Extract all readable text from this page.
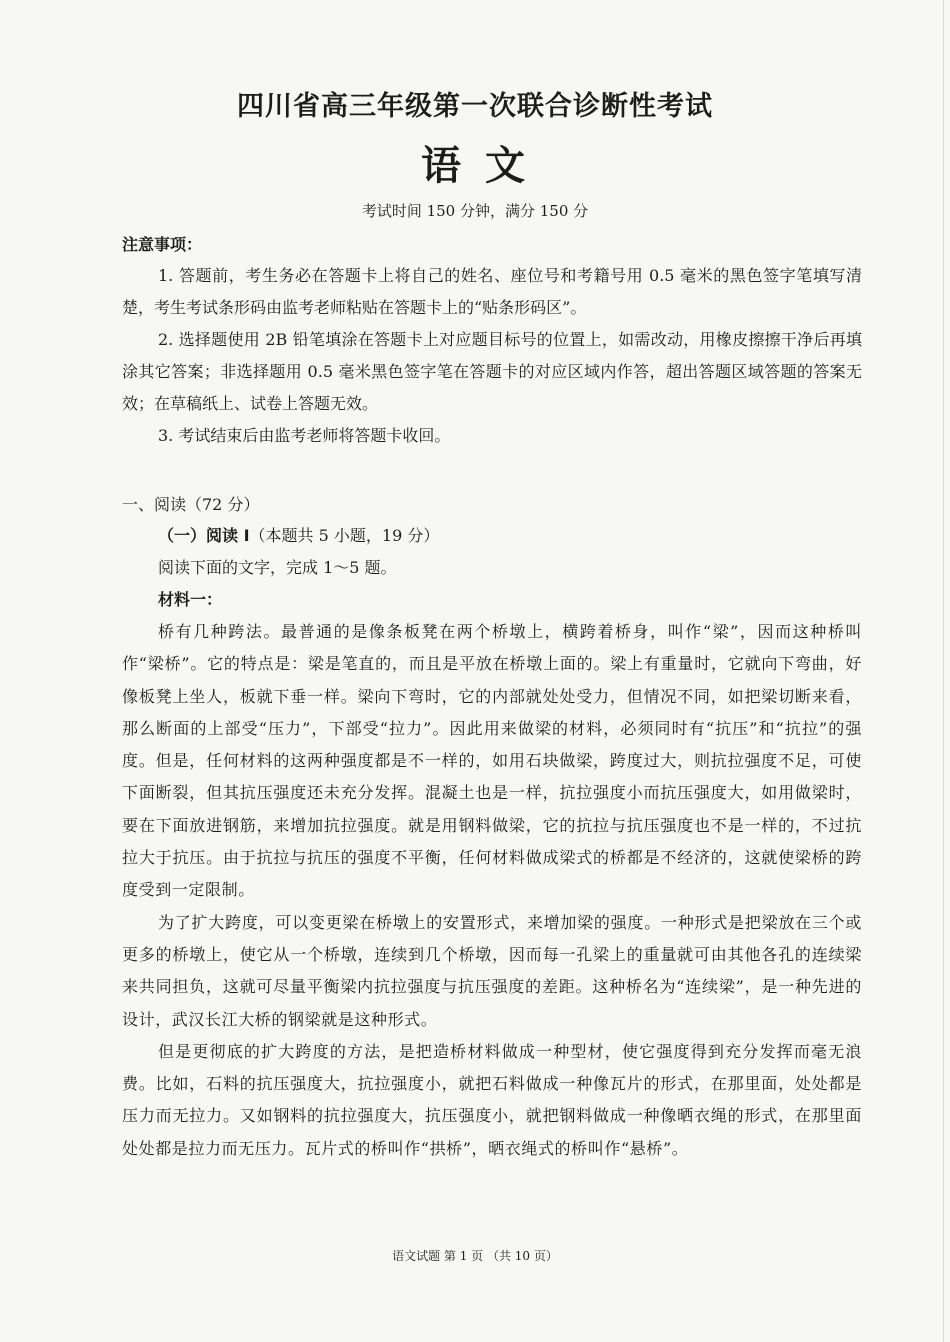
四川省高三年级第一次联合诊断性考试
语文

考试时间 150 分钟，满分 150 分

注意事项：

1. 答题前，考生务必在答题卡上将自己的姓名、座位号和考籍号用 0.5 毫米的黑色签字笔填写清楚，考生考试条形码由监考老师粘贴在答题卡上的“贴条形码区”。

2. 选择题使用 2B 铅笔填涂在答题卡上对应题目标号的位置上，如需改动，用橡皮擦擦干净后再填涂其它答案；非选择题用 0.5 毫米黑色签字笔在答题卡的对应区域内作答，超出答题区域答题的答案无效；在草稿纸上、试卷上答题无效。

3. 考试结束后由监考老师将答题卡收回。

一、阅读（72 分）

（一）阅读 I（本题共 5 小题，19 分）

阅读下面的文字，完成 1～5 题。

材料一：

桥有几种跨法。最普通的是像条板凳在两个桥墩上，横跨着桥身，叫作“梁”，因而这种桥叫作“梁桥”。它的特点是：梁是笔直的，而且是平放在桥墩上面的。梁上有重量时，它就向下弯曲，好像板凳上坐人，板就下垂一样。梁向下弯时，它的内部就处处受力，但情况不同，如把梁切断来看，那么断面的上部受“压力”，下部受“拉力”。因此用来做梁的材料，必须同时有“抗压”和“抗拉”的强度。但是，任何材料的这两种强度都是不一样的，如用石块做梁，跨度过大，则抗拉强度不足，可使下面断裂，但其抗压强度还未充分发挥。混凝土也是一样，抗拉强度小而抗压强度大，如用做梁时，要在下面放进钢筋，来增加抗拉强度。就是用钢料做梁，它的抗拉与抗压强度也不是一样的，不过抗拉大于抗压。由于抗拉与抗压的强度不平衡，任何材料做成梁式的桥都是不经济的，这就使梁桥的跨度受到一定限制。

为了扩大跨度，可以变更梁在桥墩上的安置形式，来增加梁的强度。一种形式是把梁放在三个或更多的桥墩上，使它从一个桥墩，连续到几个桥墩，因而每一孔梁上的重量就可由其他各孔的连续梁来共同担负，这就可尽量平衡梁内抗拉强度与抗压强度的差距。这种桥名为“连续梁”，是一种先进的设计，武汉长江大桥的钢梁就是这种形式。

但是更彻底的扩大跨度的方法，是把造桥材料做成一种型材，使它强度得到充分发挥而毫无浪费。比如，石料的抗压强度大，抗拉强度小，就把石料做成一种像瓦片的形式，在那里面，处处都是压力而无拉力。又如钢料的抗拉强度大，抗压强度小，就把钢料做成一种像晒衣绳的形式，在那里面处处都是拉力而无压力。瓦片式的桥叫作“拱桥”，晒衣绳式的桥叫作“悬桥”。

语文试题 第 1 页 （共 10 页）
